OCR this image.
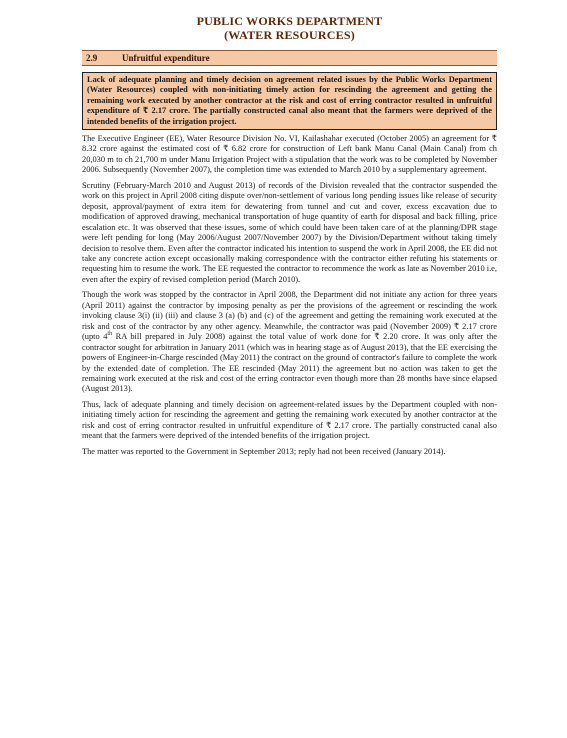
PUBLIC WORKS DEPARTMENT
(WATER RESOURCES)
2.9	Unfruitful expenditure
Lack of adequate planning and timely decision on agreement related issues by the Public Works Department (Water Resources) coupled with non-initiating timely action for rescinding the agreement and getting the remaining work executed by another contractor at the risk and cost of erring contractor resulted in unfruitful expenditure of ₹ 2.17 crore. The partially constructed canal also meant that the farmers were deprived of the intended benefits of the irrigation project.
The Executive Engineer (EE), Water Resource Division No. VI, Kailashahar executed (October 2005) an agreement for ₹ 8.32 crore against the estimated cost of ₹ 6.82 crore for construction of Left bank Manu Canal (Main Canal) from ch 20,030 m to ch 21,700 m under Manu Irrigation Project with a stipulation that the work was to be completed by November 2006. Subsequently (November 2007), the completion time was extended to March 2010 by a supplementary agreement.
Scrutiny (February-March 2010 and August 2013) of records of the Division revealed that the contractor suspended the work on this project in April 2008 citing dispute over/non-settlement of various long pending issues like release of security deposit, approval/payment of extra item for dewatering from tunnel and cut and cover, excess excavation due to modification of approved drawing, mechanical transportation of huge quantity of earth for disposal and back filling, price escalation etc. It was observed that these issues, some of which could have been taken care of at the planning/DPR stage were left pending for long (May 2006/August 2007/November 2007) by the Division/Department without taking timely decision to resolve them. Even after the contractor indicated his intention to suspend the work in April 2008, the EE did not take any concrete action except occasionally making correspondence with the contractor either refuting his statements or requesting him to resume the work. The EE requested the contractor to recommence the work as late as November 2010 i.e, even after the expiry of revised completion period (March 2010).
Though the work was stopped by the contractor in April 2008, the Department did not initiate any action for three years (April 2011) against the contractor by imposing penalty as per the provisions of the agreement or rescinding the work invoking clause 3(i) (ii) (iii) and clause 3 (a) (b) and (c) of the agreement and getting the remaining work executed at the risk and cost of the contractor by any other agency. Meanwhile, the contractor was paid (November 2009) ₹ 2.17 crore (upto 4th RA bill prepared in July 2008) against the total value of work done for ₹ 2.20 crore. It was only after the contractor sought for arbitration in January 2011 (which was in hearing stage as of August 2013), that the EE exercising the powers of Engineer-in-Charge rescinded (May 2011) the contract on the ground of contractor's failure to complete the work by the extended date of completion. The EE rescinded (May 2011) the agreement but no action was taken to get the remaining work executed at the risk and cost of the erring contractor even though more than 28 months have since elapsed (August 2013).
Thus, lack of adequate planning and timely decision on agreement-related issues by the Department coupled with non-initiating timely action for rescinding the agreement and getting the remaining work executed by another contractor at the risk and cost of erring contractor resulted in unfruitful expenditure of ₹ 2.17 crore. The partially constructed canal also meant that the farmers were deprived of the intended benefits of the irrigation project.
The matter was reported to the Government in September 2013; reply had not been received (January 2014).
